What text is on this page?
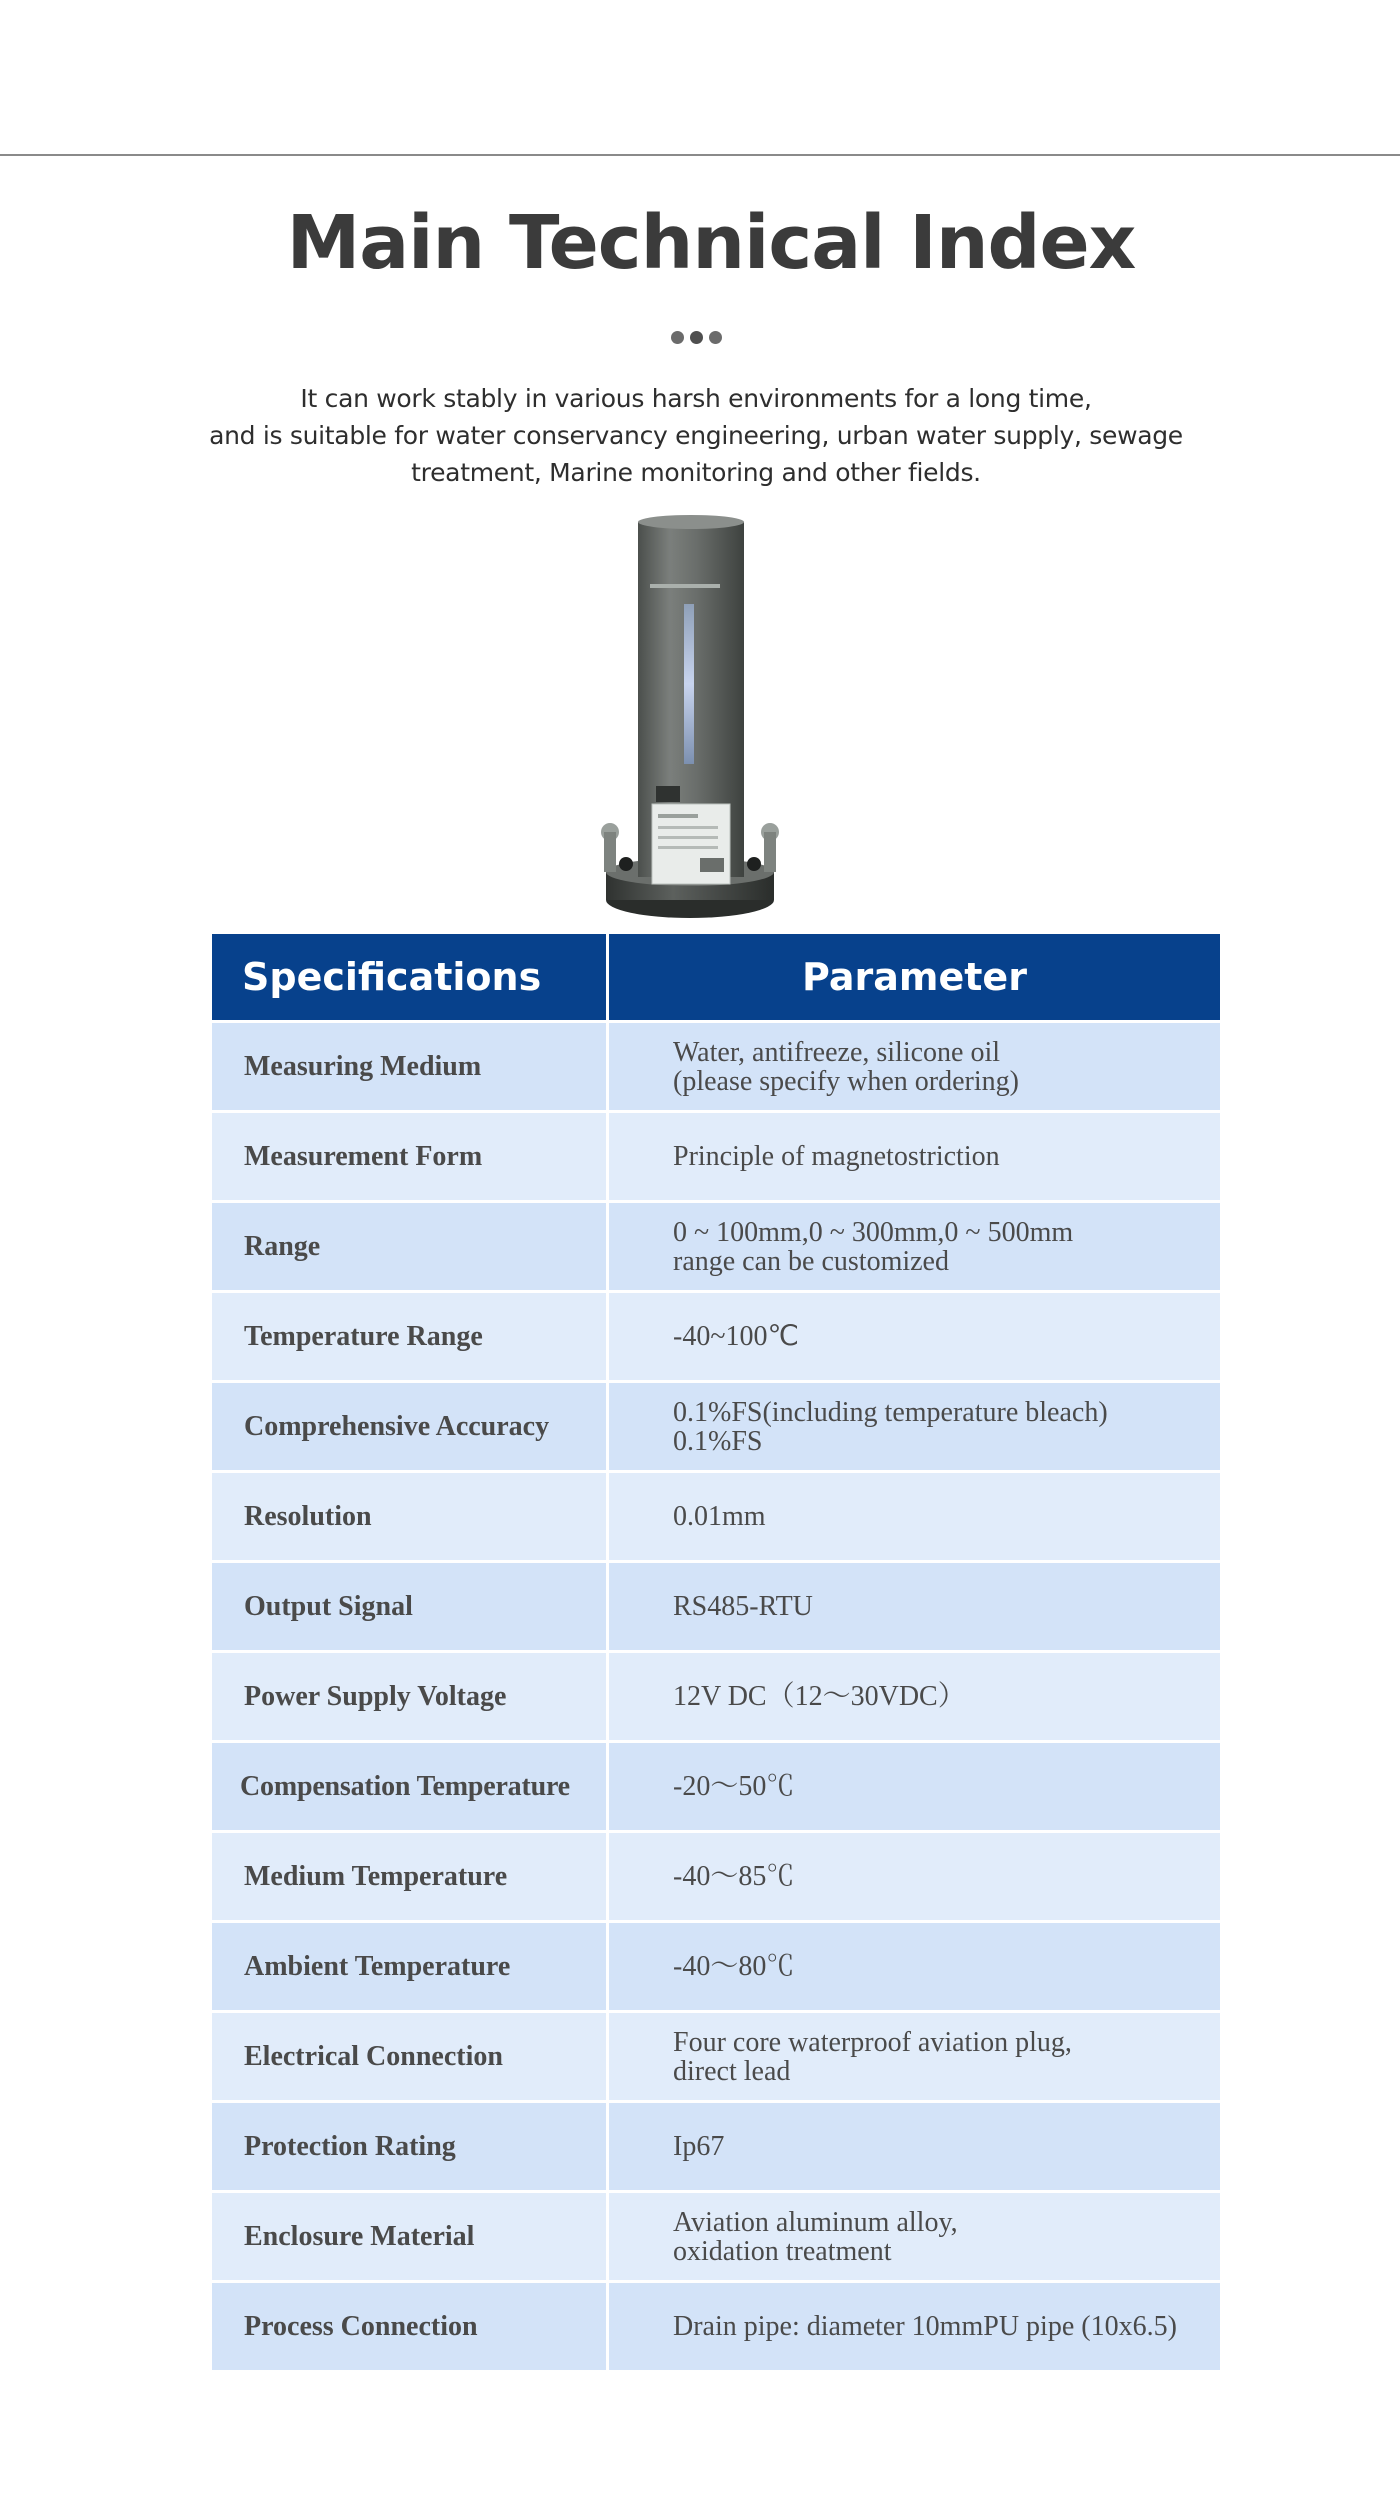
Main Technical Index
It can work stably in various harsh environments for a long time,
and is suitable for water conservancy engineering, urban water supply, sewage
treatment, Marine monitoring and other fields.
Specifications	Parameter
Measuring Medium	Water, antifreeze, silicone oil
(please specify when ordering)

Measurement Form	Principle of magnetostriction

Range	0 ~ 100mm,0 ~ 300mm,0 ~ 500mm
range can be customized

Temperature Range	-40~100℃

Comprehensive Accuracy	0.1%FS(including temperature bleach)
0.1%FS

Resolution	0.01mm

Output Signal	RS485-RTU

Power Supply Voltage	12V DC（12〜30VDC）

Compensation Temperature	-20〜50℃

Medium Temperature	-40〜85℃

Ambient Temperature	-40〜80℃

Electrical Connection	Four core waterproof aviation plug,
direct lead

Protection Rating	Ip67

Enclosure Material	Aviation aluminum alloy,
oxidation treatment

Process Connection	Drain pipe: diameter 10mmPU pipe (10x6.5)
